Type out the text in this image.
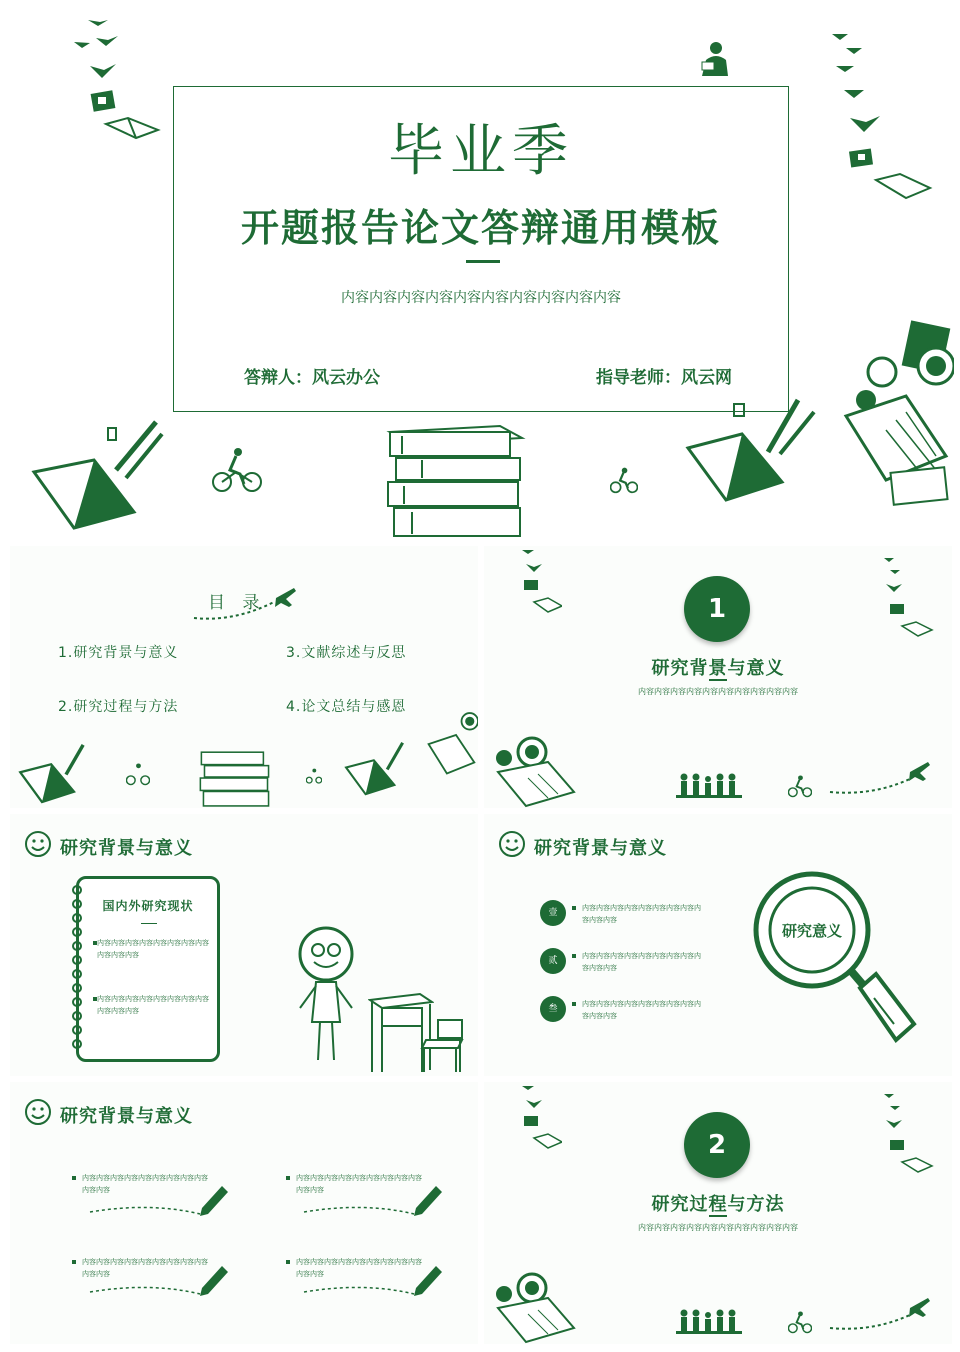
毕业季
开题报告论文答辩通用模板
内容内容内容内容内容内容内容内容内容内容
答辩人：风云办公	指导老师：风云网
目 录
1.研究背景与意义	3.文献综述与反思
2.研究过程与方法	4.论文总结与感恩
1
研究背景与意义
内容内容内容内容内容内容内容内容内容内容
研究背景与意义
国内外研究现状
内容内容内容内容内容内容内容内容内容内容内容
内容内容内容内容内容内容内容内容内容内容内容
研究背景与意义
壹	内容内容内容内容内容内容内容内容内容内容内容
贰	内容内容内容内容内容内容内容内容内容内容内容
叁	内容内容内容内容内容内容内容内容内容内容内容
研究意义
研究背景与意义
内容内容内容内容内容内容内容内容内容内容内容
内容内容内容内容内容内容内容内容内容内容内容
内容内容内容内容内容内容内容内容内容内容内容
内容内容内容内容内容内容内容内容内容内容内容
2
研究过程与方法
内容内容内容内容内容内容内容内容内容内容
